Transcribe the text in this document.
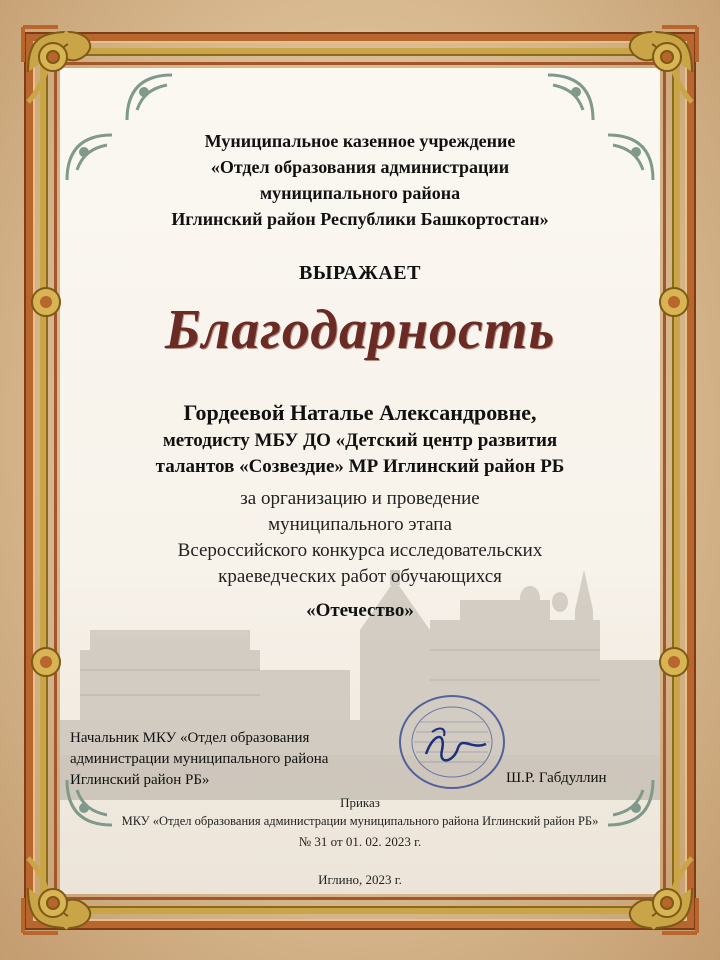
Муниципальное казенное учреждение
«Отдел образования администрации
муниципального района
Иглинский район Республики Башкортостан»
ВЫРАЖАЕТ
Благодарность
Гордеевой Наталье Александровне,
методисту МБУ ДО «Детский центр развития
талантов «Созвездие» МР Иглинский район РБ
за организацию и проведение
муниципального этапа
Всероссийского конкурса исследовательских
краеведческих работ обучающихся
«Отечество»
Начальник МКУ «Отдел образования
администрации муниципального района
Иглинский район РБ»	Ш.Р. Габдуллин
Приказ
МКУ «Отдел образования администрации муниципального района Иглинский район РБ»
№ 31 от 01. 02. 2023 г.
Иглино, 2023 г.
